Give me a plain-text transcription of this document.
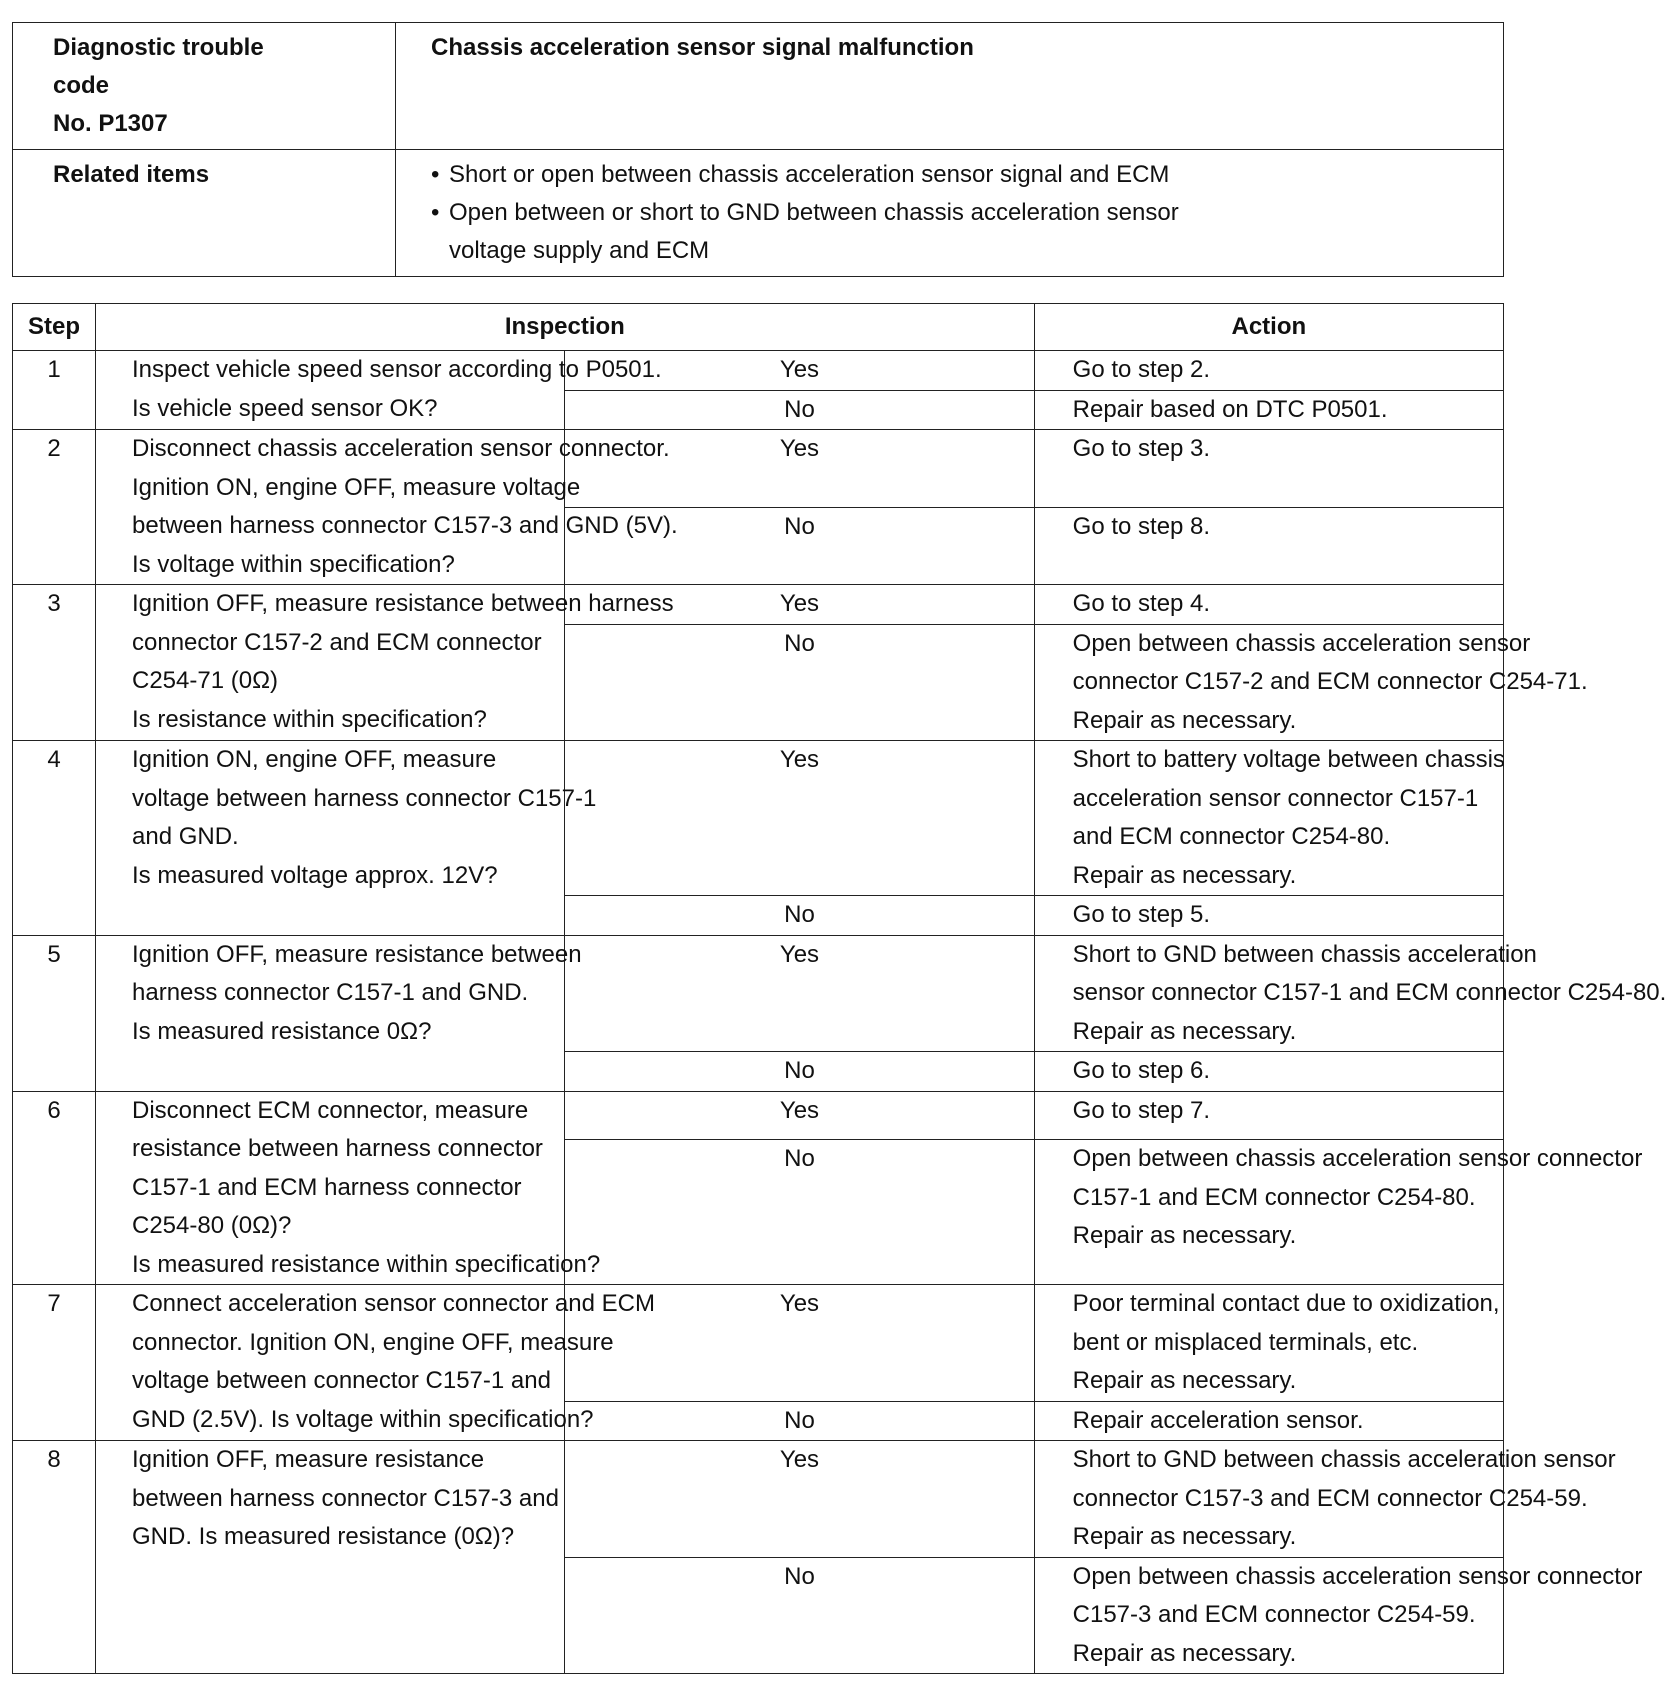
Diagnostic trouble
code
No. P1307	Chassis acceleration sensor signal malfunction

Related items	• Short or open between chassis acceleration sensor signal and ECM
• Open between or short to GND between chassis acceleration sensor
voltage supply and ECM
Step	Inspection		Action
1	Inspect vehicle speed sensor according to P0501.
Is vehicle speed sensor OK?	Yes	Go to step 2.

		No	Repair based on DTC P0501.

2	Disconnect chassis acceleration sensor connector.
Ignition ON, engine OFF, measure voltage
between harness connector C157-3 and GND (5V).
Is voltage within specification?	Yes	Go to step 3.

		No	Go to step 8.

3	Ignition OFF, measure resistance between harness
connector C157-2 and ECM connector
C254-71 (0Ω)
Is resistance within specification?	Yes	Go to step 4.

		No	Open between chassis acceleration sensor
connector C157-2 and ECM connector C254-71.
Repair as necessary.

4	Ignition ON, engine OFF, measure
voltage between harness connector C157-1
and GND.
Is measured voltage approx. 12V?	Yes	Short to battery voltage between chassis
acceleration sensor connector C157-1
and ECM connector C254-80.
Repair as necessary.

		No	Go to step 5.

5	Ignition OFF, measure resistance between
harness connector C157-1 and GND.
Is measured resistance 0Ω?	Yes	Short to GND between chassis acceleration
sensor connector C157-1 and ECM connector C254-80.
Repair as necessary.

		No	Go to step 6.

6	Disconnect ECM connector, measure
resistance between harness connector
C157-1 and ECM harness connector
C254-80 (0Ω)?
Is measured resistance within specification?	Yes	Go to step 7.

		No	Open between chassis acceleration sensor connector
C157-1 and ECM connector C254-80.
Repair as necessary.

7	Connect acceleration sensor connector and ECM
connector. Ignition ON, engine OFF, measure
voltage between connector C157-1 and
GND (2.5V). Is voltage within specification?	Yes	Poor terminal contact due to oxidization,
bent or misplaced terminals, etc.
Repair as necessary.

		No	Repair acceleration sensor.

8	Ignition OFF, measure resistance
between harness connector C157-3 and
GND. Is measured resistance (0Ω)?	Yes	Short to GND between chassis acceleration sensor
connector C157-3 and ECM connector C254-59.
Repair as necessary.

		No	Open between chassis acceleration sensor connector
C157-3 and ECM connector C254-59.
Repair as necessary.
